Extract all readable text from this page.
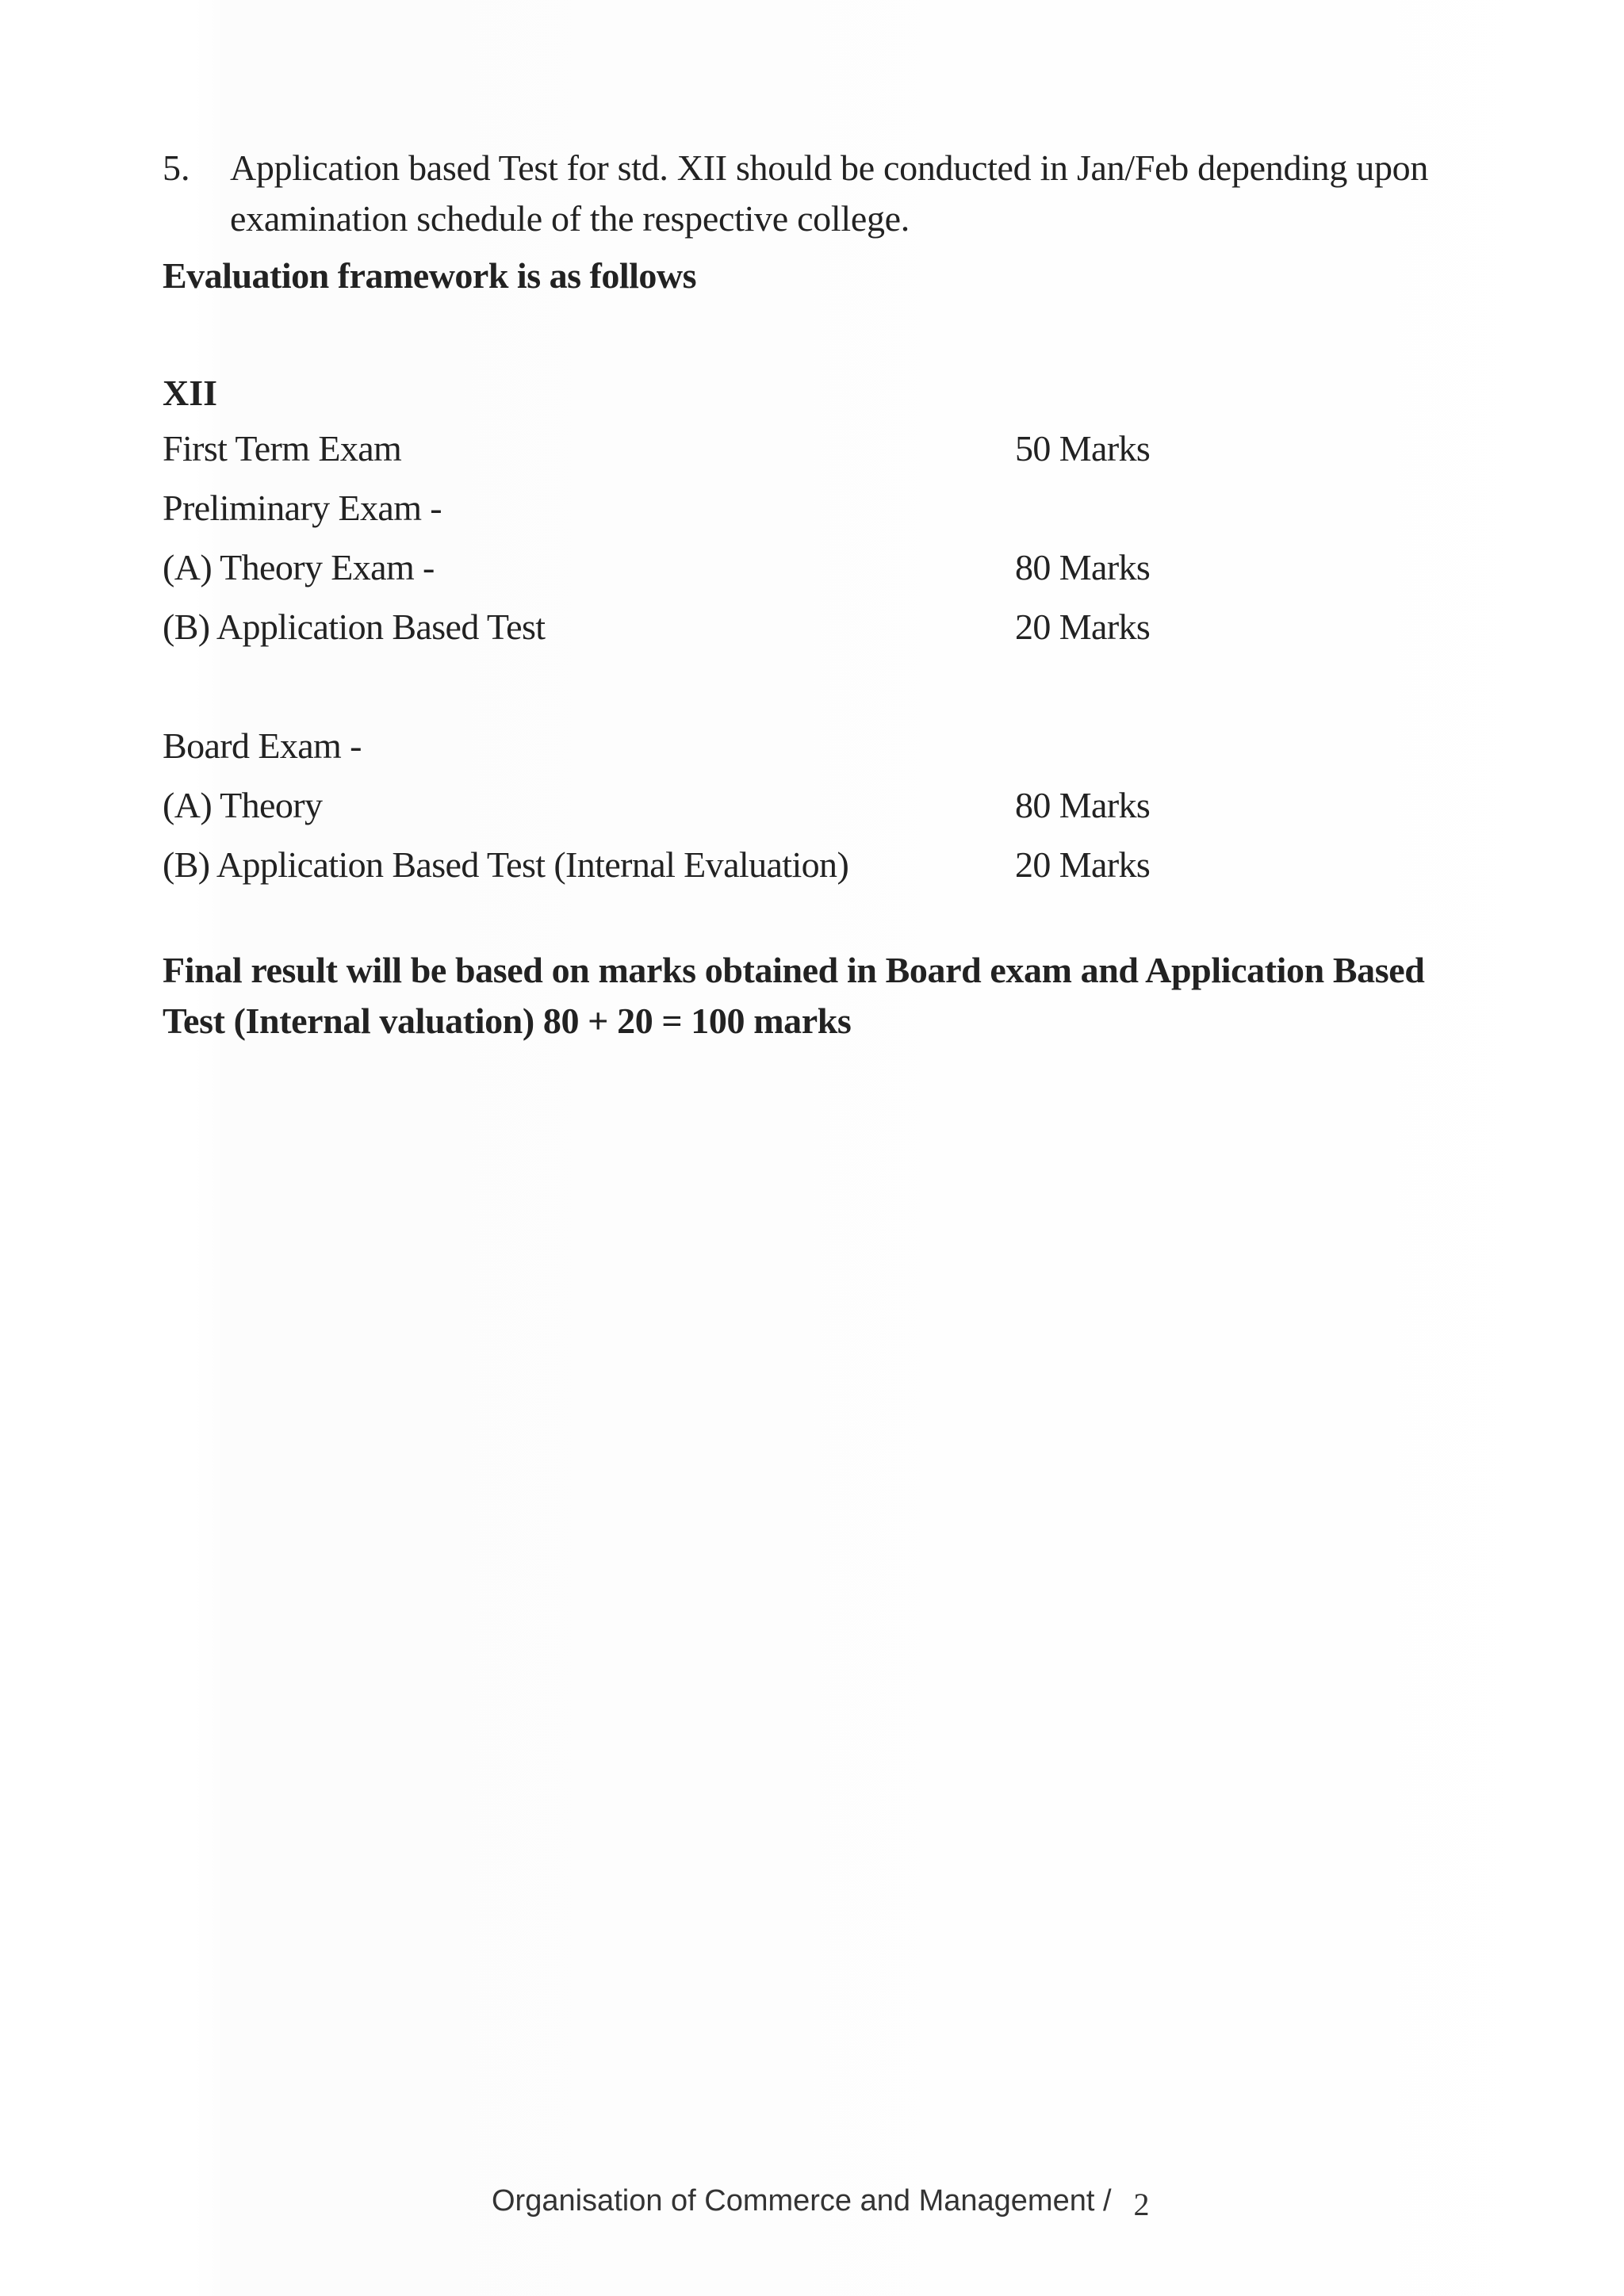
5.	Application based Test for std. XII should be conducted in Jan/Feb depending upon
examination schedule of the respective college.
Evaluation framework is as follows
XII
First Term Exam	50 Marks
Preliminary Exam -
(A) Theory Exam -	80 Marks
(B) Application Based Test	20 Marks
Board Exam -
(A) Theory	80 Marks
(B) Application Based Test (Internal Evaluation)	20 Marks
Final result will be based on marks obtained in Board exam and Application Based
Test (Internal valuation) 80 + 20 = 100 marks
Organisation of Commerce and Management / 2
